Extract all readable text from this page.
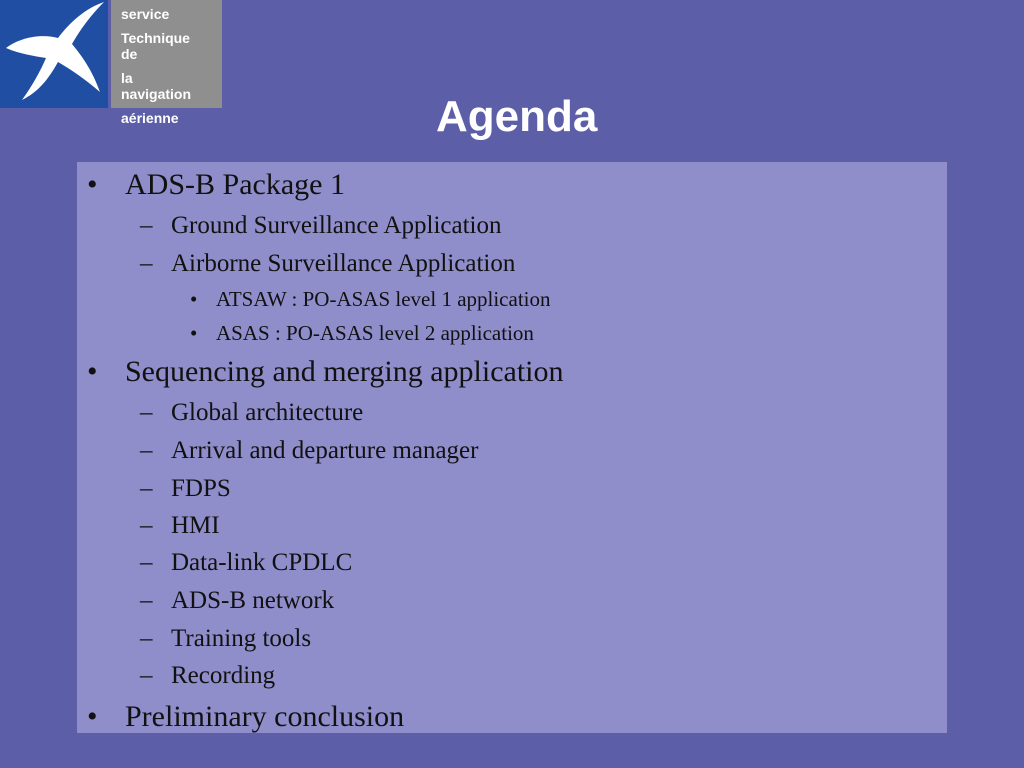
service
Technique
de
la
navigation
aérienne	Agenda
• ADS-B Package 1
– Ground Surveillance Application
– Airborne Surveillance Application
• ATSAW : PO-ASAS level 1 application
• ASAS : PO-ASAS level 2 application
• Sequencing and merging application
– Global architecture
– Arrival and departure manager
– FDPS
– HMI
– Data-link CPDLC
– ADS-B network
– Training tools
– Recording
• Preliminary conclusion
